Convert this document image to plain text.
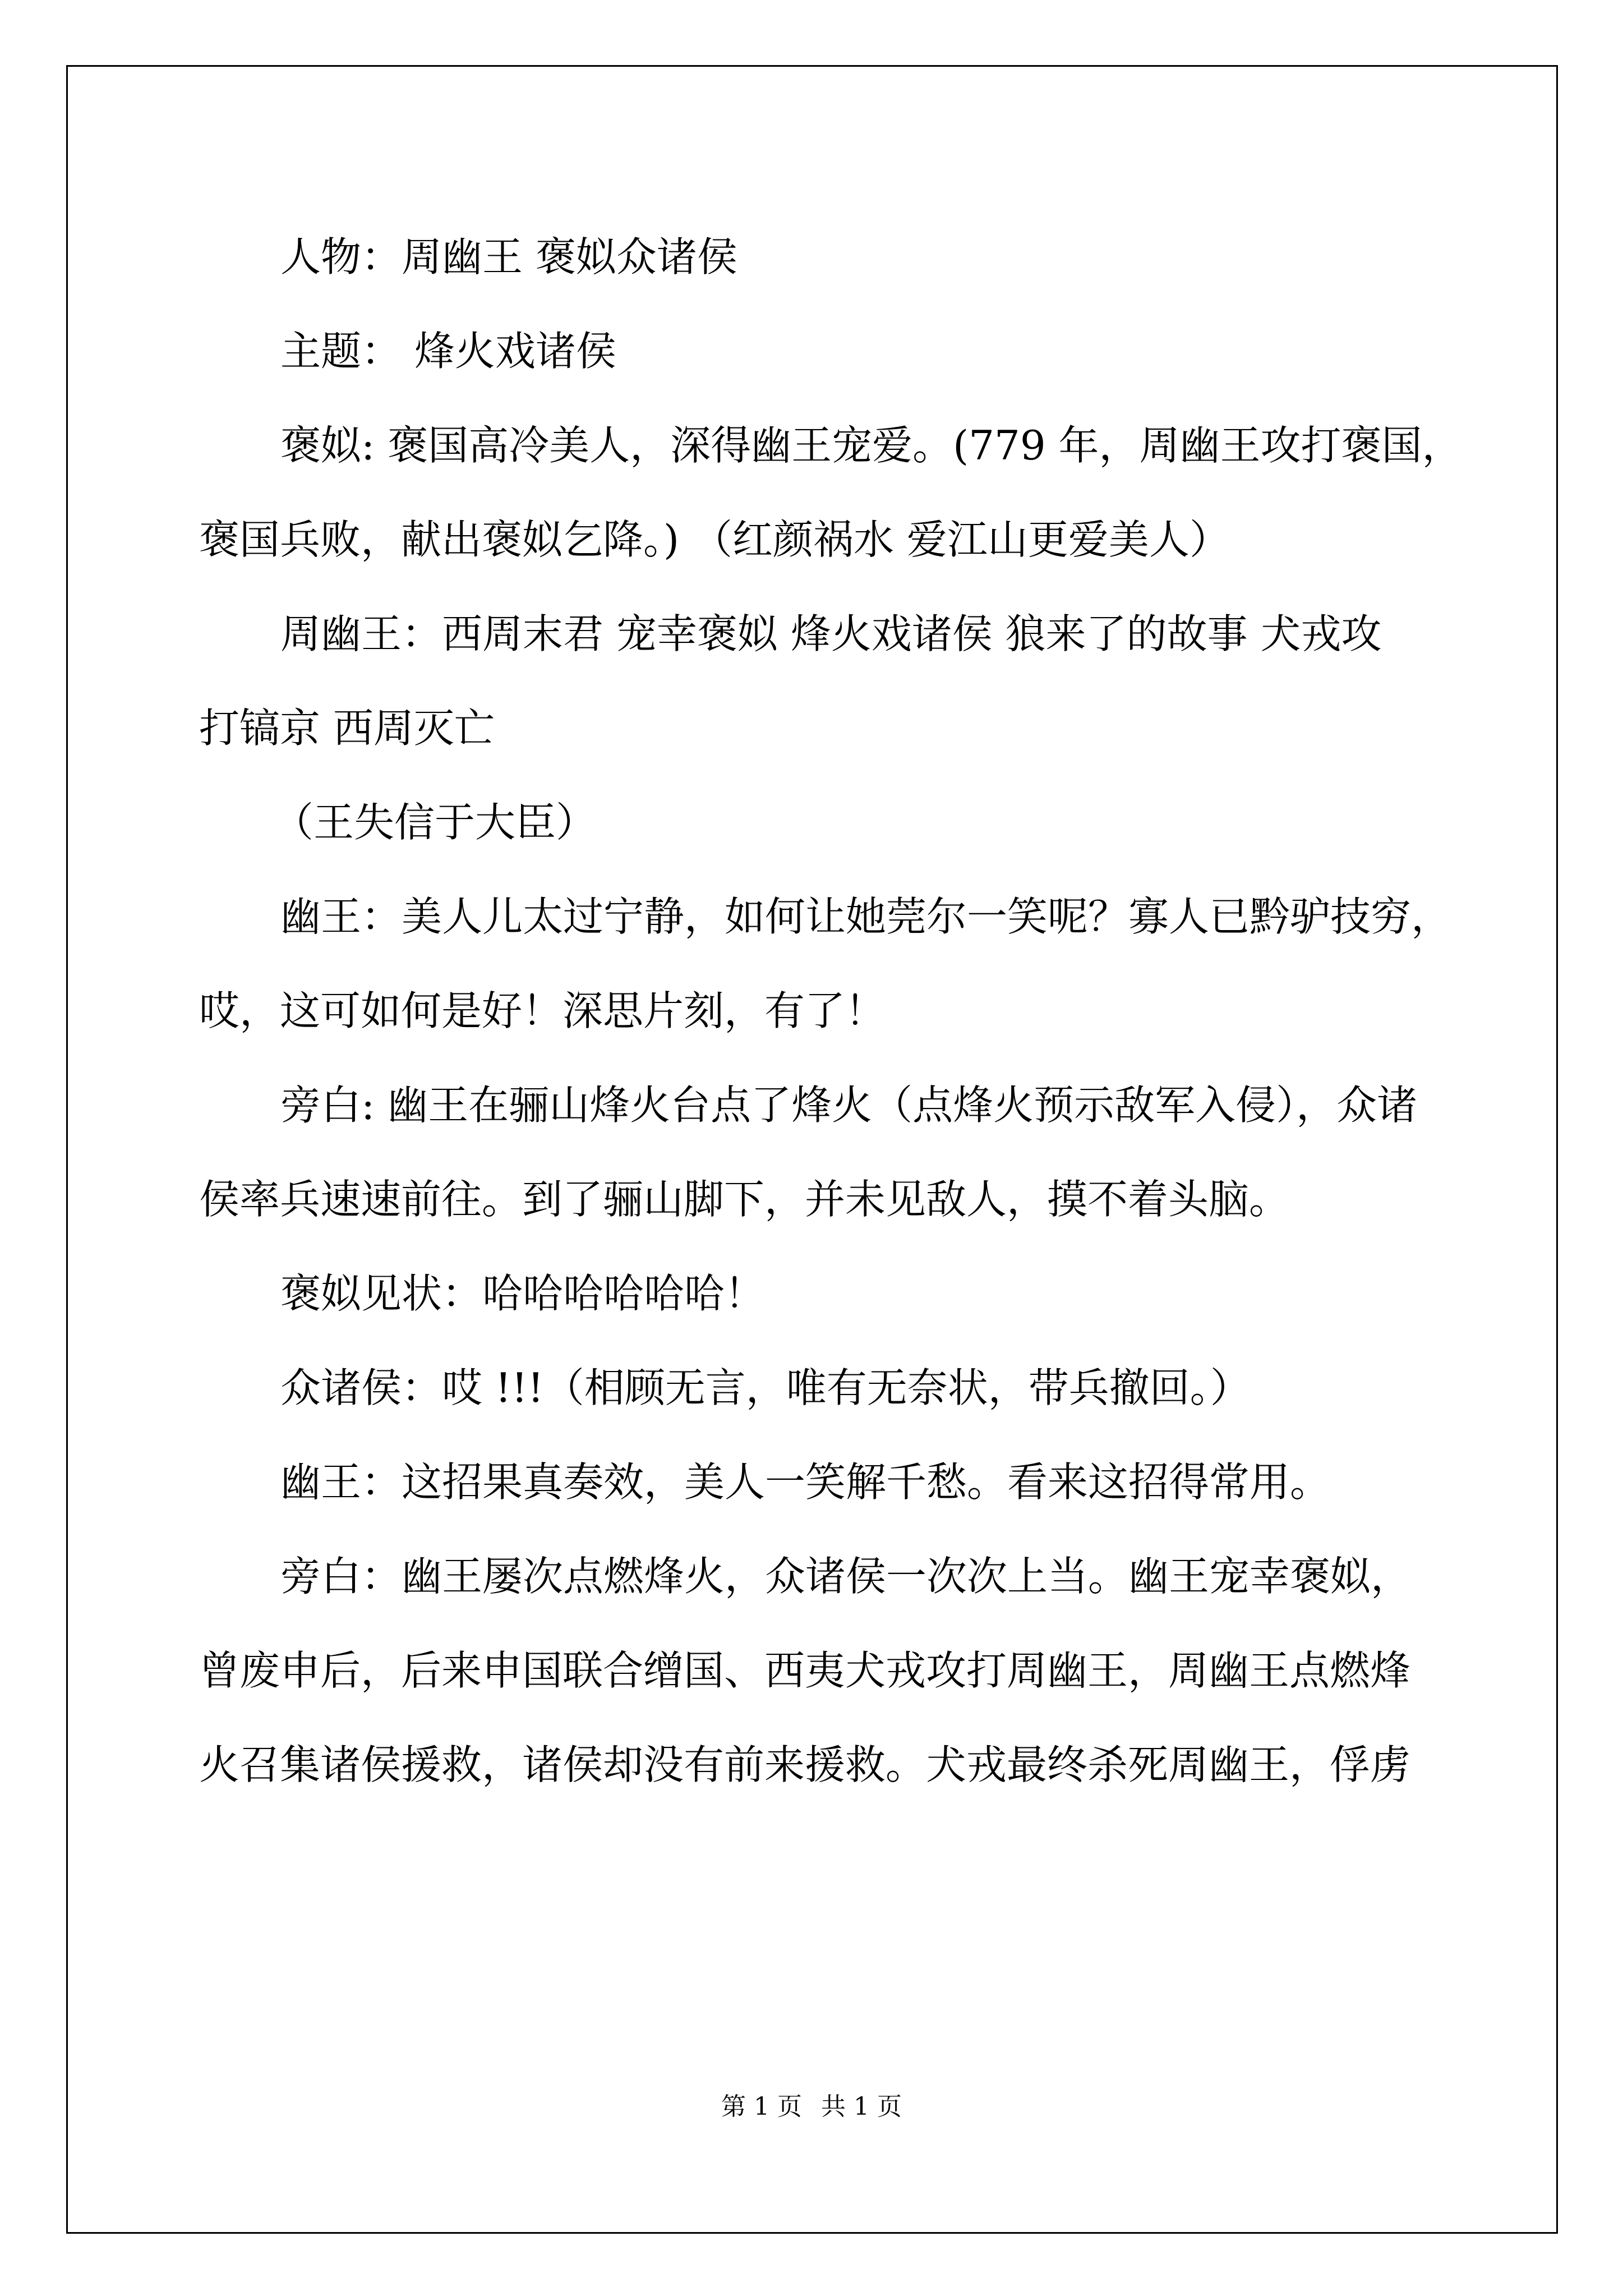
人物：周幽王 褒姒众诸侯
主题： 烽火戏诸侯
褒姒: 褒国高冷美人，深得幽王宠爱。(779 年，周幽王攻打褒国，
褒国兵败，献出褒姒乞降。) （红颜祸水 爱江山更爱美人）
周幽王：西周末君 宠幸褒姒 烽火戏诸侯 狼来了的故事 犬戎攻
打镐京 西周灭亡
（王失信于大臣）
幽王：美人儿太过宁静，如何让她莞尔一笑呢？寡人已黔驴技穷，
哎，这可如何是好！深思片刻，有了！
旁白: 幽王在骊山烽火台点了烽火（点烽火预示敌军入侵），众诸
侯率兵速速前往。到了骊山脚下，并未见敌人，摸不着头脑。
褒姒见状：哈哈哈哈哈哈！
众诸侯：哎 !!!（相顾无言，唯有无奈状，带兵撤回。）
幽王：这招果真奏效，美人一笑解千愁。看来这招得常用。
旁白：幽王屡次点燃烽火，众诸侯一次次上当。幽王宠幸褒姒，
曾废申后，后来申国联合缯国、西夷犬戎攻打周幽王，周幽王点燃烽
火召集诸侯援救，诸侯却没有前来援救。犬戎最终杀死周幽王，俘虏
第 1 页 共 1 页
